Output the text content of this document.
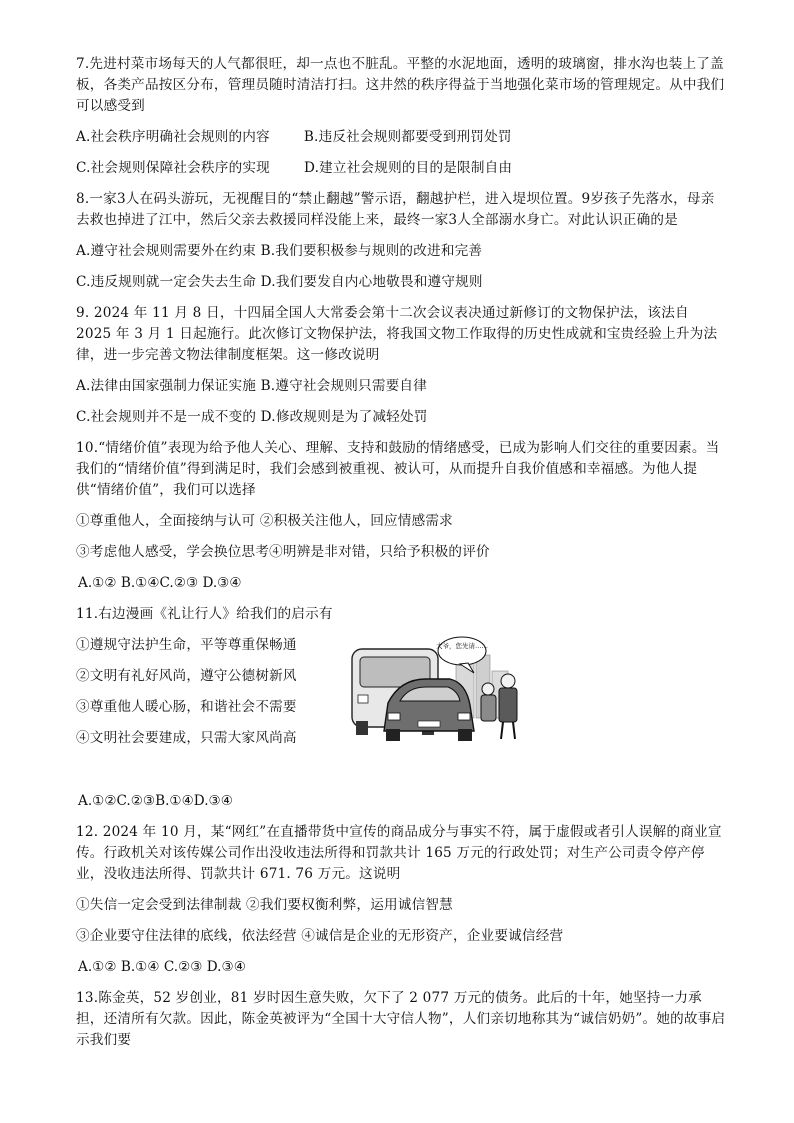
7.先进村菜市场每天的人气都很旺，却一点也不脏乱。平整的水泥地面，透明的玻璃窗，排水沟也装上了盖板，各类产品按区分布，管理员随时清洁打扫。这井然的秩序得益于当地强化菜市场的管理规定。从中我们可以感受到

A.社会秩序明确社会规则的内容	B.违反社会规则都要受到刑罚处罚

C.社会规则保障社会秩序的实现	D.建立社会规则的目的是限制自由

8.一家3人在码头游玩，无视醒目的“禁止翻越”警示语，翻越护栏，进入堤坝位置。9岁孩子先落水，母亲去救也掉进了江中，然后父亲去救援同样没能上来，最终一家3人全部溺水身亡。对此认识正确的是

A.遵守社会规则需要外在约束 B.我们要积极参与规则的改进和完善

C.违反规则就一定会失去生命 D.我们要发自内心地敬畏和遵守规则

9. 2024 年 11 月 8 日，十四届全国人大常委会第十二次会议表决通过新修订的文物保护法，该法自 2025 年 3 月 1 日起施行。此次修订文物保护法，将我国文物工作取得的历史性成就和宝贵经验上升为法律，进一步完善文物法律制度框架。这一修改说明

A.法律由国家强制力保证实施 B.遵守社会规则只需要自律

C.社会规则并不是一成不变的 D.修改规则是为了减轻处罚

10.“情绪价值”表现为给予他人关心、理解、支持和鼓励的情绪感受，已成为影响人们交往的重要因素。当我们的“情绪价值”得到满足时，我们会感到被重视、被认可，从而提升自我价值感和幸福感。为他人提供“情绪价值”，我们可以选择

①尊重他人，全面接纳与认可 ②积极关注他人，回应情感需求

③考虑他人感受，学会换位思考④明辨是非对错，只给予积极的评价

A.①② B.①④C.②③ D.③④

11.右边漫画《礼让行人》给我们的启示有

①遵规守法护生命，平等尊重保畅通

②文明有礼好风尚，遵守公德树新风

③尊重他人暖心肠，和谐社会不需要

④文明社会要建成，只需大家风尚高

大爷，您先请……

A.①②C.②③B.①④D.③④

12. 2024 年 10 月，某“网红”在直播带货中宣传的商品成分与事实不符，属于虚假或者引人误解的商业宣传。行政机关对该传媒公司作出没收违法所得和罚款共计 165 万元的行政处罚；对生产公司责令停产停业，没收违法所得、罚款共计 671. 76 万元。这说明

①失信一定会受到法律制裁 ②我们要权衡利弊，运用诚信智慧

③企业要守住法律的底线，依法经营 ④诚信是企业的无形资产，企业要诚信经营

A.①② B.①④ C.②③ D.③④

13.陈金英，52 岁创业，81 岁时因生意失败，欠下了 2 077 万元的债务。此后的十年，她坚持一力承担，还清所有欠款。因此，陈金英被评为“全国十大守信人物”，人们亲切地称其为“诚信奶奶”。她的故事启示我们要
